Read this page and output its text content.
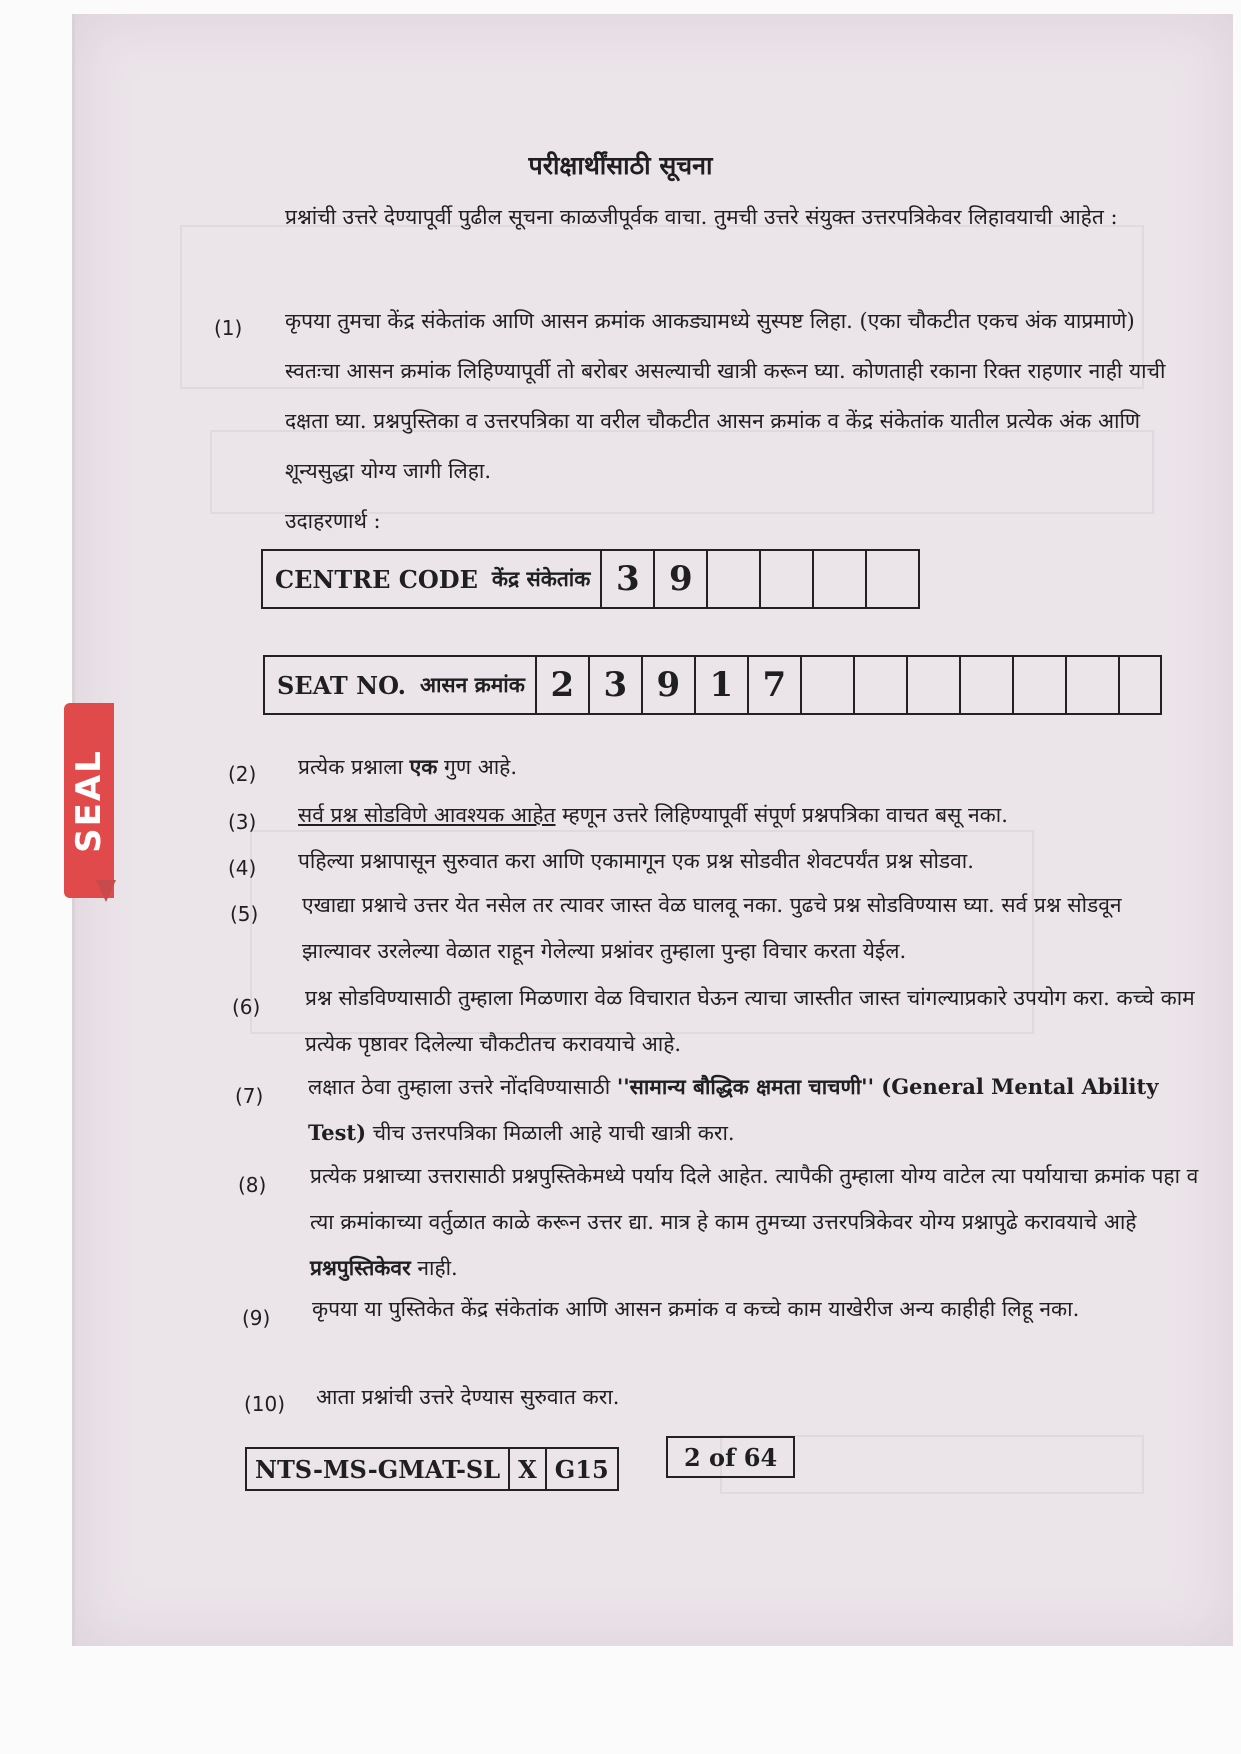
परीक्षार्थींसाठी सूचना
प्रश्नांची उत्तरे देण्यापूर्वी पुढील सूचना काळजीपूर्वक वाचा. तुमची उत्तरे संयुक्त उत्तरपत्रिकेवर लिहावयाची आहेत :
(1) कृपया तुमचा केंद्र संकेतांक आणि आसन क्रमांक आकड्यामध्ये सुस्पष्ट लिहा. (एका चौकटीत एकच अंक याप्रमाणे) स्वतःचा आसन क्रमांक लिहिण्यापूर्वी तो बरोबर असल्याची खात्री करून घ्या. कोणताही रकाना रिक्त राहणार नाही याची दक्षता घ्या. प्रश्नपुस्तिका व उत्तरपत्रिका या वरील चौकटीत आसन क्रमांक व केंद्र संकेतांक यातील प्रत्येक अंक आणि शून्यसुद्धा योग्य जागी लिहा.
उदाहरणार्थ :
CENTRE CODE केंद्र संकेतांक 3 9
SEAT NO. आसन क्रमांक 2 3 9 1 7
(2) प्रत्येक प्रश्नाला एक गुण आहे.
(3) सर्व प्रश्न सोडविणे आवश्यक आहेत म्हणून उत्तरे लिहिण्यापूर्वी संपूर्ण प्रश्नपत्रिका वाचत बसू नका.
(4) पहिल्या प्रश्नापासून सुरुवात करा आणि एकामागून एक प्रश्न सोडवीत शेवटपर्यंत प्रश्न सोडवा.
(5) एखाद्या प्रश्नाचे उत्तर येत नसेल तर त्यावर जास्त वेळ घालवू नका. पुढचे प्रश्न सोडविण्यास घ्या. सर्व प्रश्न सोडवून झाल्यावर उरलेल्या वेळात राहून गेलेल्या प्रश्नांवर तुम्हाला पुन्हा विचार करता येईल.
(6) प्रश्न सोडविण्यासाठी तुम्हाला मिळणारा वेळ विचारात घेऊन त्याचा जास्तीत जास्त चांगल्याप्रकारे उपयोग करा. कच्चे काम प्रत्येक पृष्ठावर दिलेल्या चौकटीतच करावयाचे आहे.
(7) लक्षात ठेवा तुम्हाला उत्तरे नोंदविण्यासाठी ''सामान्य बौद्धिक क्षमता चाचणी'' (General Mental Ability Test) चीच उत्तरपत्रिका मिळाली आहे याची खात्री करा.
(8) प्रत्येक प्रश्नाच्या उत्तरासाठी प्रश्नपुस्तिकेमध्ये पर्याय दिले आहेत. त्यापैकी तुम्हाला योग्य वाटेल त्या पर्यायाचा क्रमांक पहा व त्या क्रमांकाच्या वर्तुळात काळे करून उत्तर द्या. मात्र हे काम तुमच्या उत्तरपत्रिकेवर योग्य प्रश्नापुढे करावयाचे आहे प्रश्नपुस्तिकेवर नाही.
(9) कृपया या पुस्तिकेत केंद्र संकेतांक आणि आसन क्रमांक व कच्चे काम याखेरीज अन्य काहीही लिहू नका.
(10) आता प्रश्नांची उत्तरे देण्यास सुरुवात करा.
NTS-MS-GMAT-SL X G15	2 of 64
SEAL
